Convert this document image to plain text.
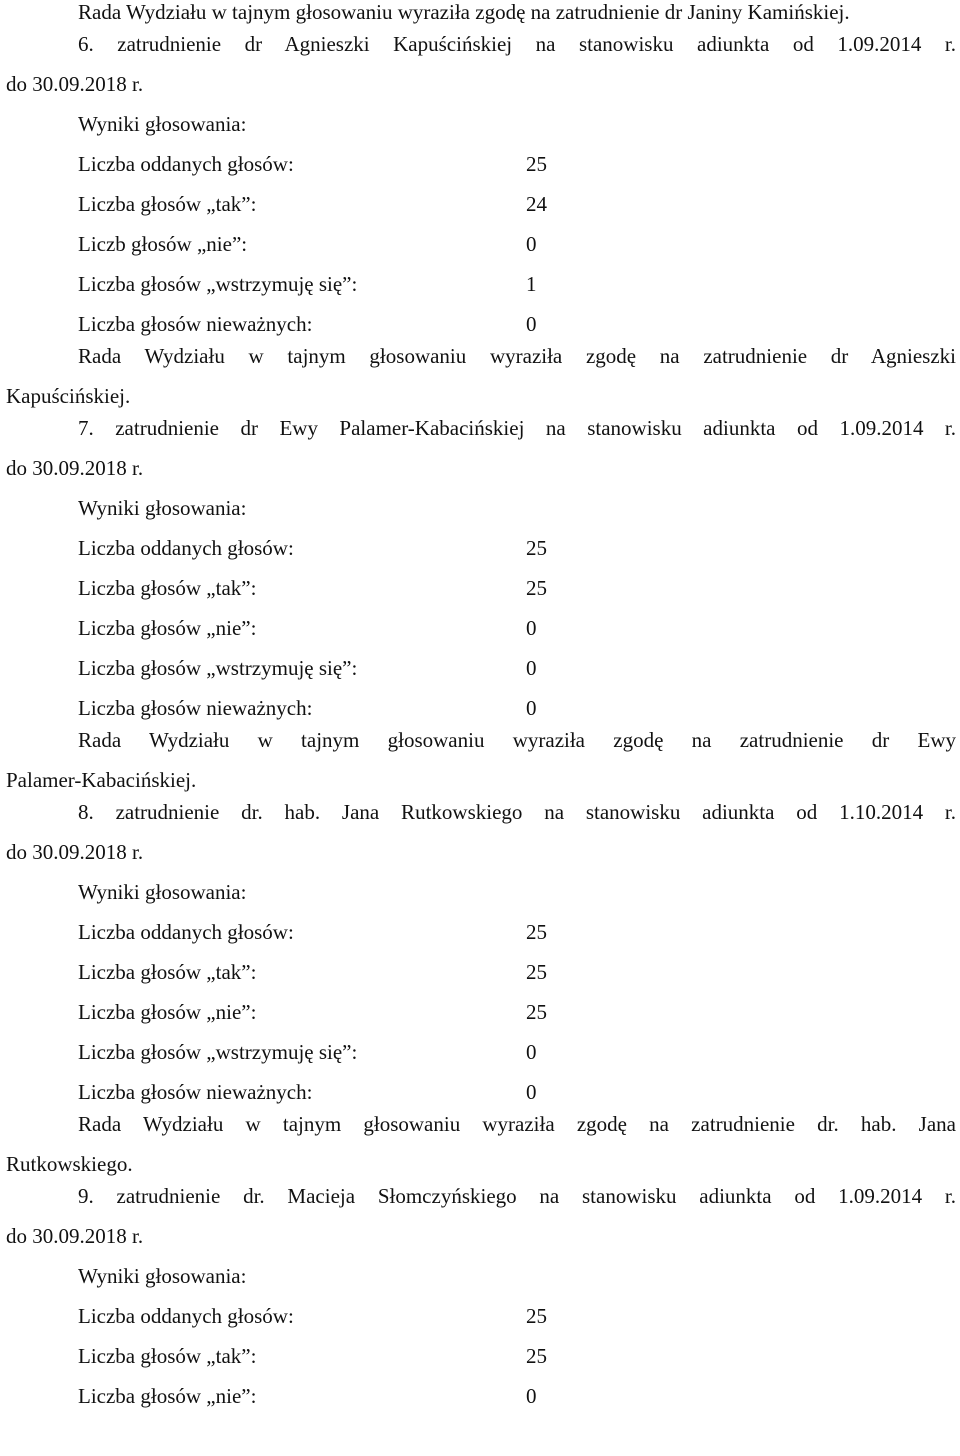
Rada Wydziału w tajnym głosowaniu wyraziła zgodę na zatrudnienie dr Janiny Kamińskiej.
6. zatrudnienie dr Agnieszki Kapuścińskiej na stanowisku adiunkta od 1.09.2014 r.
do 30.09.2018 r.
Wyniki głosowania:
Liczba oddanych głosów:	25
Liczba głosów „tak”:	24
Liczb głosów „nie”:	0
Liczba głosów „wstrzymuję się”:	1
Liczba głosów nieważnych:	0
Rada Wydziału w tajnym głosowaniu wyraziła zgodę na zatrudnienie dr Agnieszki
Kapuścińskiej.
7. zatrudnienie dr Ewy Palamer-Kabacińskiej na stanowisku adiunkta od 1.09.2014 r.
do 30.09.2018 r.
Wyniki głosowania:
Liczba oddanych głosów:	25
Liczba głosów „tak”:	25
Liczba głosów „nie”:	0
Liczba głosów „wstrzymuję się”:	0
Liczba głosów nieważnych:	0
Rada Wydziału w tajnym głosowaniu wyraziła zgodę na zatrudnienie dr Ewy
Palamer-Kabacińskiej.
8. zatrudnienie dr. hab. Jana Rutkowskiego na stanowisku adiunkta od 1.10.2014 r.
do 30.09.2018 r.
Wyniki głosowania:
Liczba oddanych głosów:	25
Liczba głosów „tak”:	25
Liczba głosów „nie”:	25
Liczba głosów „wstrzymuję się”:	0
Liczba głosów nieważnych:	0
Rada Wydziału w tajnym głosowaniu wyraziła zgodę na zatrudnienie dr. hab. Jana
Rutkowskiego.
9. zatrudnienie dr. Macieja Słomczyńskiego na stanowisku adiunkta od 1.09.2014 r.
do 30.09.2018 r.
Wyniki głosowania:
Liczba oddanych głosów:	25
Liczba głosów „tak”:	25
Liczba głosów „nie”:	0
